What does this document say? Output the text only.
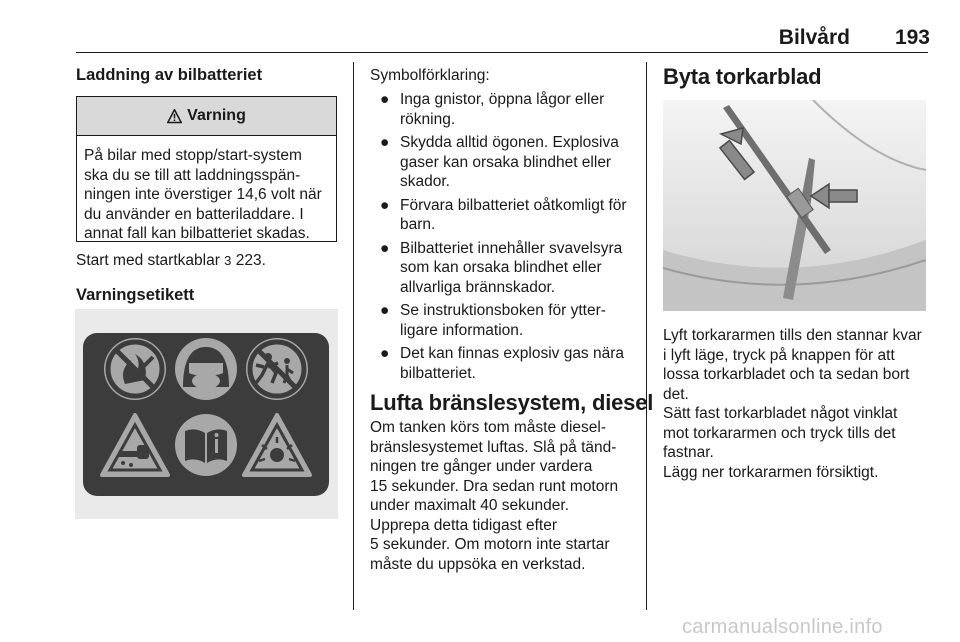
Bilvård	193
Laddning av bilbatteriet
Varning
På bilar med stopp/start-system
ska du se till att laddningsspän-
ningen inte överstiger 14,6 volt när
du använder en batteriladdare. I
annat fall kan bilbatteriet skadas.
Start med startkablar 3 223.
Varningsetikett
Symbolförklaring:
● Inga gnistor, öppna lågor eller
rökning.
● Skydda alltid ögonen. Explosiva
gaser kan orsaka blindhet eller
skador.
● Förvara bilbatteriet oåtkomligt för
barn.
● Bilbatteriet innehåller svavelsyra
som kan orsaka blindhet eller
allvarliga brännskador.
● Se instruktionsboken för ytter-
ligare information.
● Det kan finnas explosiv gas nära
bilbatteriet.
Lufta bränslesystem, diesel
Om tanken körs tom måste diesel-
bränslesystemet luftas. Slå på tänd-
ningen tre gånger under vardera
15 sekunder. Dra sedan runt motorn
under maximalt 40 sekunder.
Upprepa detta tidigast efter
5 sekunder. Om motorn inte startar
måste du uppsöka en verkstad.
Byta torkarblad
Lyft torkararmen tills den stannar kvar
i lyft läge, tryck på knappen för att
lossa torkarbladet och ta sedan bort
det.
Sätt fast torkarbladet något vinklat
mot torkararmen och tryck tills det
fastnar.
Lägg ner torkararmen försiktigt.
carmanualsonline.info
